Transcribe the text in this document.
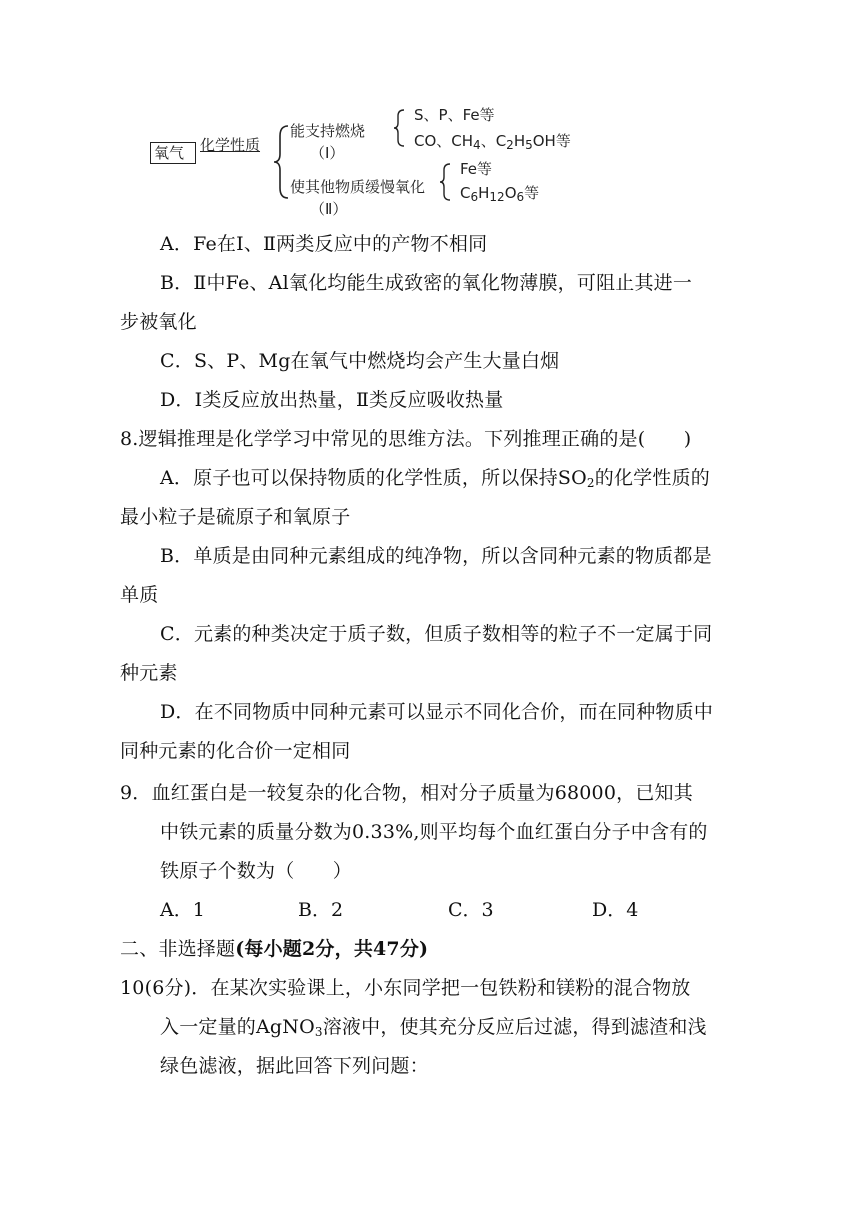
氧气 化学性质
能支持燃烧
（Ⅰ）
S、P、Fe等
CO、$CH_4$、$C_2H_5OH$等
使其他物质缓慢氧化
（Ⅱ）
Fe等
$C_6H_{12}O_6$等
A．Fe在Ⅰ、Ⅱ两类反应中的产物不相同
B．Ⅱ中Fe、Al氧化均能生成致密的氧化物薄膜，可阻止其进一
步被氧化
C．S、P、Mg在氧气中燃烧均会产生大量白烟
D．Ⅰ类反应放出热量，Ⅱ类反应吸收热量
8.逻辑推理是化学学习中常见的思维方法。下列推理正确的是(　　)
A．原子也可以保持物质的化学性质，所以保持$SO_2$的化学性质的
最小粒子是硫原子和氧原子
B．单质是由同种元素组成的纯净物，所以含同种元素的物质都是
单质
C．元素的种类决定于质子数，但质子数相等的粒子不一定属于同
种元素
D．在不同物质中同种元素可以显示不同化合价，而在同种物质中
同种元素的化合价一定相同
9．血红蛋白是一较复杂的化合物，相对分子质量为68000，已知其
中铁元素的质量分数为0.33%,则平均每个血红蛋白分子中含有的
铁原子个数为（　　）
A．1	B．2	C．3	D．4
二、非选择题(每小题2分，共47分)
10(6分)．在某次实验课上，小东同学把一包铁粉和镁粉的混合物放
入一定量的AgNO$_3$溶液中，使其充分反应后过滤，得到滤渣和浅
绿色滤液，据此回答下列问题：
